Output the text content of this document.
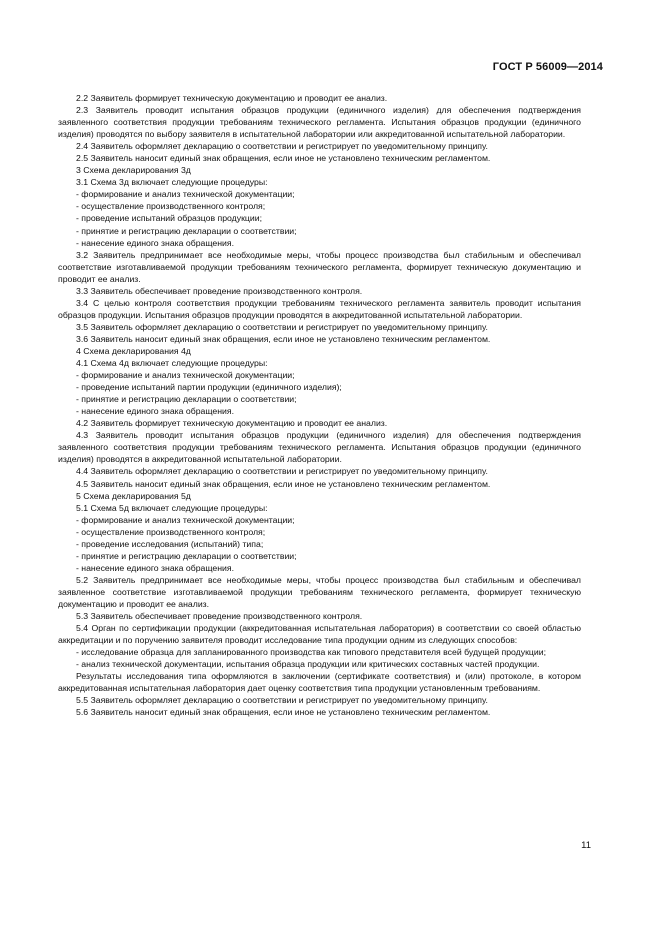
ГОСТ Р 56009—2014

2.2 Заявитель формирует техническую документацию и проводит ее анализ.

2.3 Заявитель проводит испытания образцов продукции (единичного изделия) для обеспечения подтверждения заявленного соответствия продукции требованиям технического регламента. Испытания образцов продукции (единичного изделия) проводятся по выбору заявителя в испытательной лаборатории или аккредитованной испытательной лаборатории.

2.4 Заявитель оформляет декларацию о соответствии и регистрирует по уведомительному принципу.

2.5 Заявитель наносит единый знак обращения, если иное не установлено техническим регламентом.

3 Схема декларирования 3д

3.1 Схема 3д включает следующие процедуры:

- формирование и анализ технической документации;

- осуществление производственного контроля;

- проведение испытаний образцов продукции;

- принятие и регистрацию декларации о соответствии;

- нанесение единого знака обращения.

3.2 Заявитель предпринимает все необходимые меры, чтобы процесс производства был стабильным и обеспечивал соответствие изготавливаемой продукции требованиям технического регламента, формирует техническую документацию и проводит ее анализ.

3.3 Заявитель обеспечивает проведение производственного контроля.

3.4 С целью контроля соответствия продукции требованиям технического регламента заявитель проводит испытания образцов продукции. Испытания образцов продукции проводятся в аккредитованной испытательной лаборатории.

3.5 Заявитель оформляет декларацию о соответствии и регистрирует по уведомительному принципу.

3.6 Заявитель наносит единый знак обращения, если иное не установлено техническим регламентом.

4 Схема декларирования 4д

4.1 Схема 4д включает следующие процедуры:

- формирование и анализ технической документации;

- проведение испытаний партии продукции (единичного изделия);

- принятие и регистрацию декларации о соответствии;

- нанесение единого знака обращения.

4.2 Заявитель формирует техническую документацию и проводит ее анализ.

4.3 Заявитель проводит испытания образцов продукции (единичного изделия) для обеспечения подтверждения заявленного соответствия продукции требованиям технического регламента. Испытания образцов продукции (единичного изделия) проводятся в аккредитованной испытательной лаборатории.

4.4 Заявитель оформляет декларацию о соответствии и регистрирует по уведомительному принципу.

4.5 Заявитель наносит единый знак обращения, если иное не установлено техническим регламентом.

5 Схема декларирования 5д

5.1 Схема 5д включает следующие процедуры:

- формирование и анализ технической документации;

- осуществление производственного контроля;

- проведение исследования (испытаний) типа;

- принятие и регистрацию декларации о соответствии;

- нанесение единого знака обращения.

5.2 Заявитель предпринимает все необходимые меры, чтобы процесс производства был стабильным и обеспечивал заявленное соответствие изготавливаемой продукции требованиям технического регламента, формирует техническую документацию и проводит ее анализ.

5.3 Заявитель обеспечивает проведение производственного контроля.

5.4 Орган по сертификации продукции (аккредитованная испытательная лаборатория) в соответствии со своей областью аккредитации и по поручению заявителя проводит исследование типа продукции одним из следующих способов:

- исследование образца для запланированного производства как типового представителя всей будущей продукции;

- анализ технической документации, испытания образца продукции или критических составных частей продукции.

Результаты исследования типа оформляются в заключении (сертификате соответствия) и (или) протоколе, в котором аккредитованная испытательная лаборатория дает оценку соответствия типа продукции установленным требованиям.

5.5 Заявитель оформляет декларацию о соответствии и регистрирует по уведомительному принципу.

5.6 Заявитель наносит единый знак обращения, если иное не установлено техническим регламентом.

11
